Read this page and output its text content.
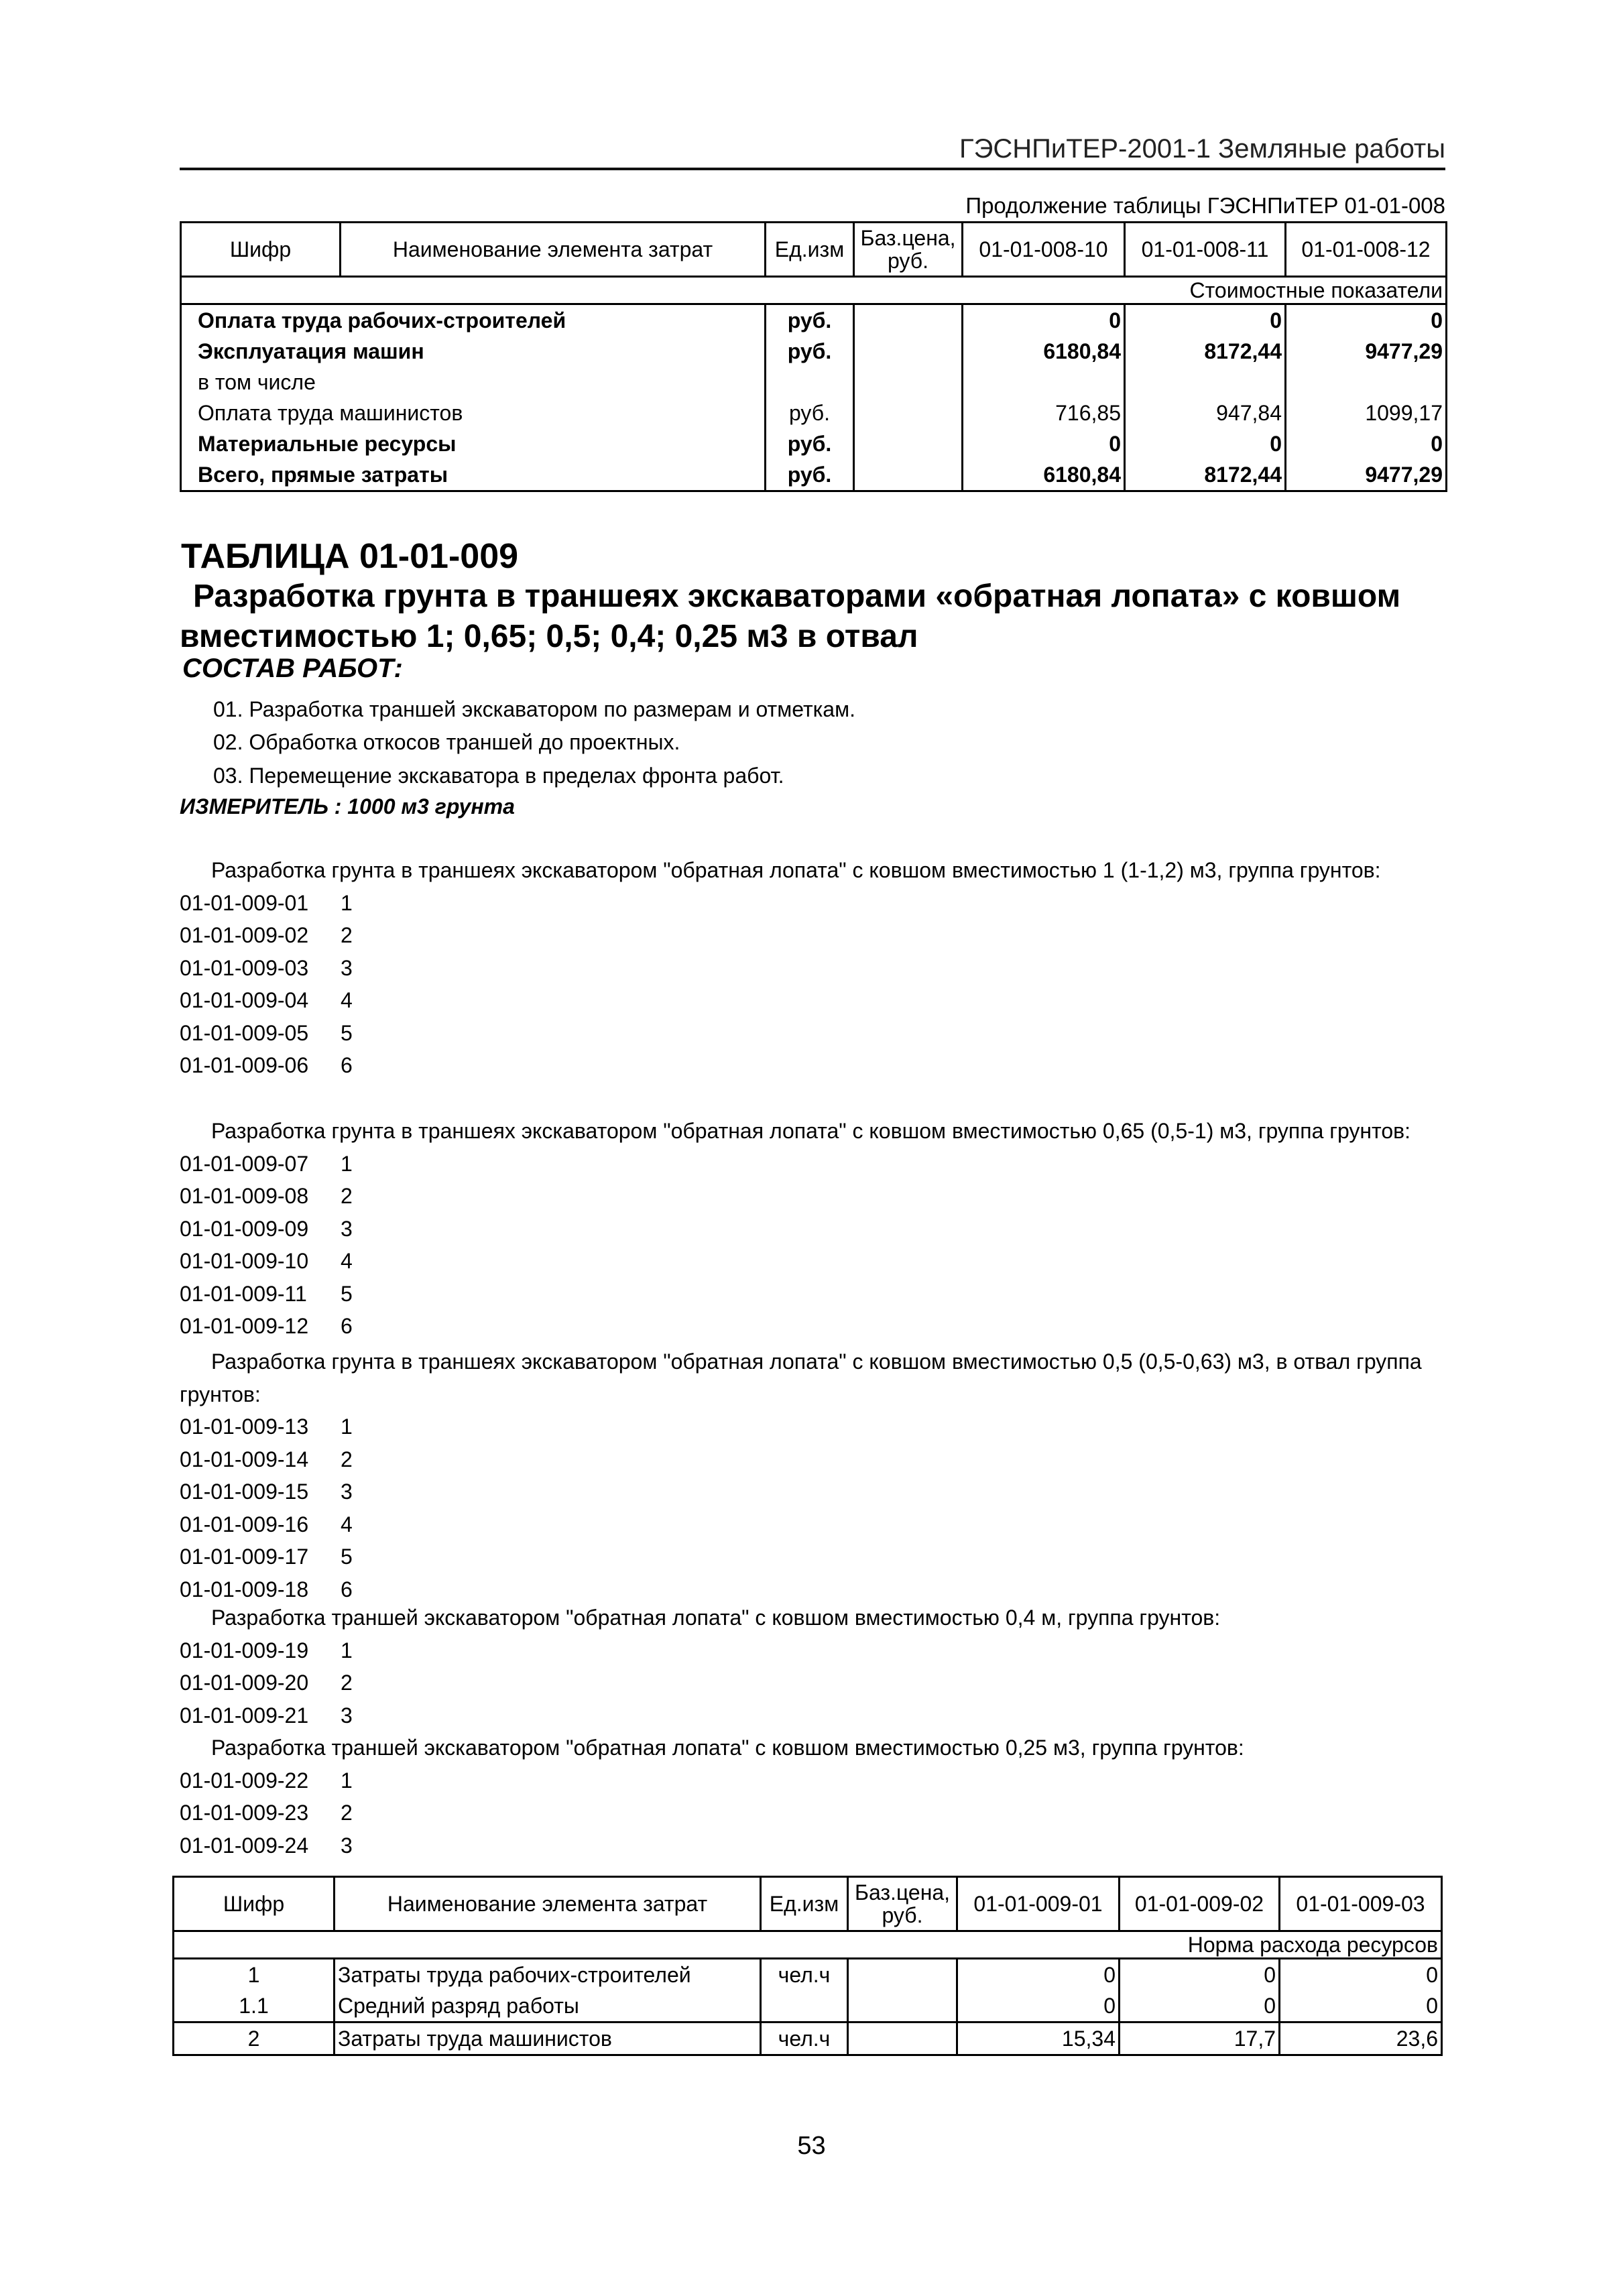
ГЭСНПиТЕР-2001-1 Земляные работы
Продолжение таблицы ГЭСНПиТЕР 01-01-008
Шифр	Наименование элемента затрат	Ед.изм	Баз.цена, руб.	01-01-008-10	01-01-008-11	01-01-008-12
Стоимостные показатели						
Оплата труда рабочих-строителей		руб.		0	0	0
Эксплуатация машин		руб.		6180,84	8172,44	9477,29
в том числе						
Оплата труда машинистов		руб.		716,85	947,84	1099,17
Материальные ресурсы		руб.		0	0	0
Всего, прямые затраты		руб.		6180,84	8172,44	9477,29
ТАБЛИЦА 01-01-009
Разработка грунта в траншеях экскаваторами «обратная лопата» с ковшом
вместимостью 1; 0,65; 0,5; 0,4; 0,25 м3 в отвал
СОСТАВ РАБОТ:
01. Разработка траншей экскаватором по размерам и отметкам.
02. Обработка откосов траншей до проектных.
03. Перемещение экскаватора в пределах фронта работ.
ИЗМЕРИТЕЛЬ : 1000 м3 грунта
Разработка грунта в траншеях экскаватором "обратная лопата" с ковшом вместимостью 1 (1-1,2) м3, группа грунтов:
01-01-009-01	1
01-01-009-02	2
01-01-009-03	3
01-01-009-04	4
01-01-009-05	5
01-01-009-06	6
Разработка грунта в траншеях экскаватором "обратная лопата" с ковшом вместимостью 0,65 (0,5-1) м3, группа грунтов:
01-01-009-07	1
01-01-009-08	2
01-01-009-09	3
01-01-009-10	4
01-01-009-11	5
01-01-009-12	6
Разработка грунта в траншеях экскаватором "обратная лопата" с ковшом вместимостью 0,5 (0,5-0,63) м3, в отвал группа грунтов:
01-01-009-13	1
01-01-009-14	2
01-01-009-15	3
01-01-009-16	4
01-01-009-17	5
01-01-009-18	6
Разработка траншей экскаватором "обратная лопата" с ковшом вместимостью 0,4 м, группа грунтов:
01-01-009-19	1
01-01-009-20	2
01-01-009-21	3
Разработка траншей экскаватором "обратная лопата" с ковшом вместимостью 0,25 м3, группа грунтов:
01-01-009-22	1
01-01-009-23	2
01-01-009-24	3
Шифр	Наименование элемента затрат	Ед.изм	Баз.цена, руб.	01-01-009-01	01-01-009-02	01-01-009-03
Норма расхода ресурсов						
1	Затраты труда рабочих-строителей	чел.ч		0	0	0
1.1	Средний разряд работы			0	0	0
2	Затраты труда машинистов	чел.ч		15,34	17,7	23,6
53
